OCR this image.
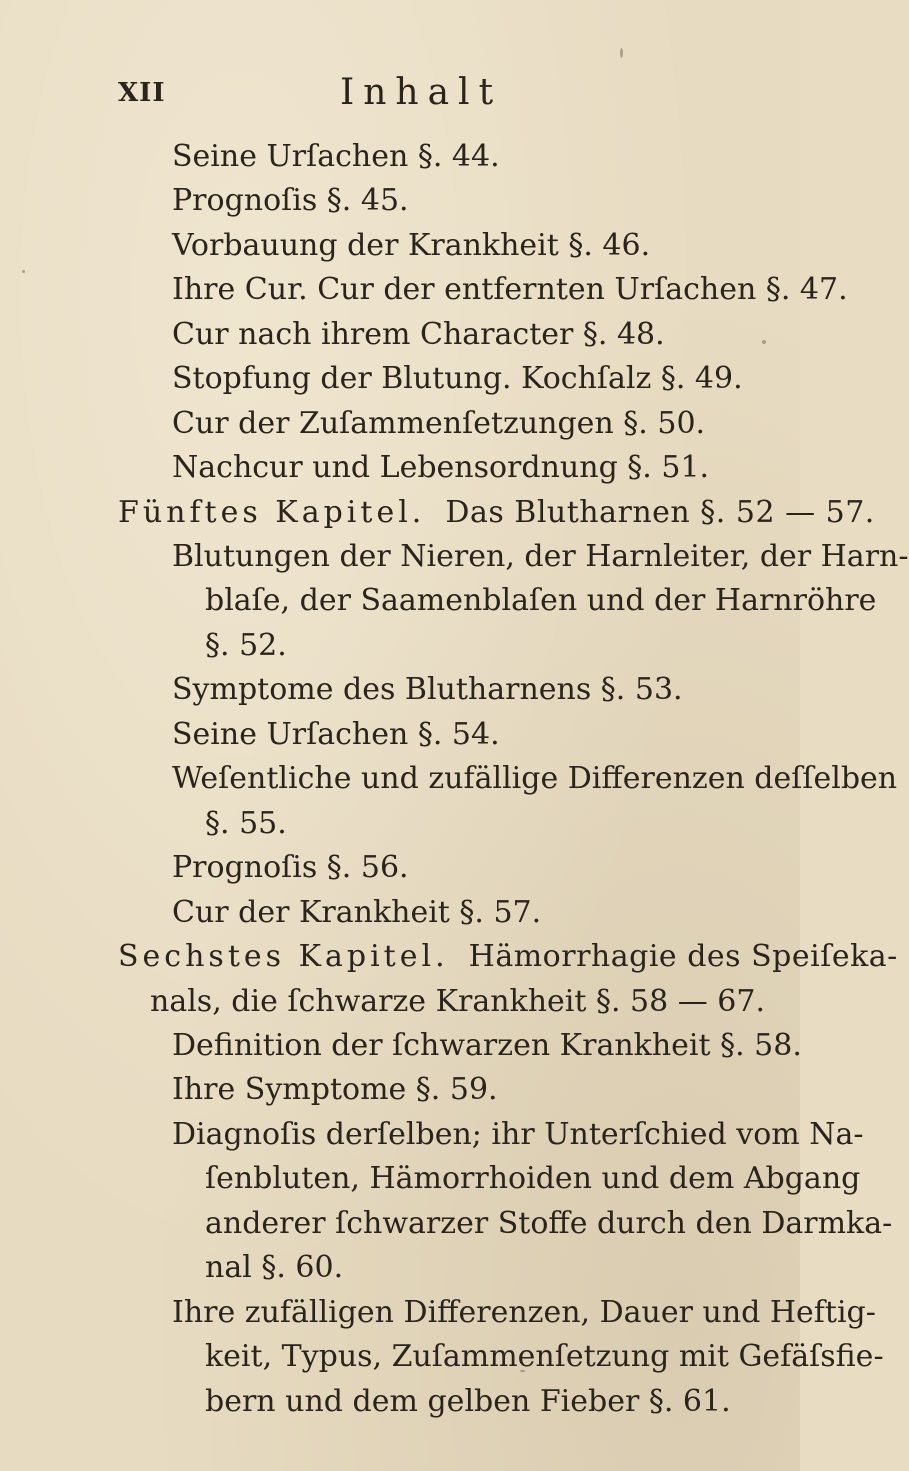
XII	Inhalt
Seine Urſachen §. 44.
Prognoſis §. 45.
Vorbauung der Krankheit §. 46.
Ihre Cur. Cur der entfernten Urſachen §. 47.
Cur nach ihrem Character §. 48.
Stopfung der Blutung. Kochſalz §. 49.
Cur der Zuſammenſetzungen §. 50.
Nachcur und Lebensordnung §. 51.
Fünftes Kapitel.  Das Blutharnen §. 52 — 57.
Blutungen der Nieren, der Harnleiter, der Harn-
blaſe, der Saamenblaſen und der Harnröhre
§. 52.
Symptome des Blutharnens §. 53.
Seine Urſachen §. 54.
Weſentliche und zufällige Differenzen deſſelben
§. 55.
Prognoſis §. 56.
Cur der Krankheit §. 57.
Sechstes Kapitel.  Hämorrhagie des Speiſeka-
nals, die ſchwarze Krankheit §. 58 — 67.
Definition der ſchwarzen Krankheit §. 58.
Ihre Symptome §. 59.
Diagnoſis derſelben; ihr Unterſchied vom Na-
ſenbluten, Hämorrhoiden und dem Abgang
anderer ſchwarzer Stoffe durch den Darmka-
nal §. 60.
Ihre zufälligen Differenzen, Dauer und Heftig-
keit, Typus, Zuſammenſetzung mit Gefäſsfie-
bern und dem gelben Fieber §. 61.
